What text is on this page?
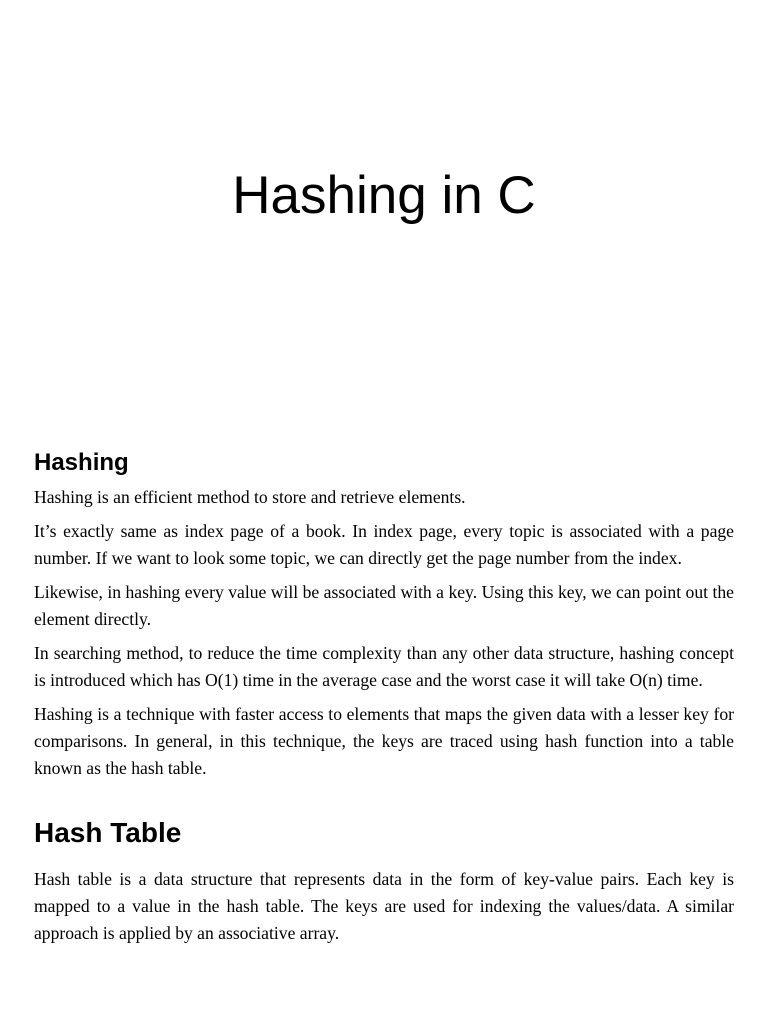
Hashing in C
Hashing

Hashing is an efficient method to store and retrieve elements.

It’s exactly same as index page of a book. In index page, every topic is associated with a page number. If we want to look some topic, we can directly get the page number from the index.

Likewise, in hashing every value will be associated with a key. Using this key, we can point out the element directly.

In searching method, to reduce the time complexity than any other data structure, hashing concept is introduced which has O(1) time in the average case and the worst case it will take O(n) time.

Hashing is a technique with faster access to elements that maps the given data with a lesser key for comparisons. In general, in this technique, the keys are traced using hash function into a table known as the hash table.

Hash Table

Hash table is a data structure that represents data in the form of key-value pairs. Each key is mapped to a value in the hash table. The keys are used for indexing the values/data. A similar approach is applied by an associative array.
